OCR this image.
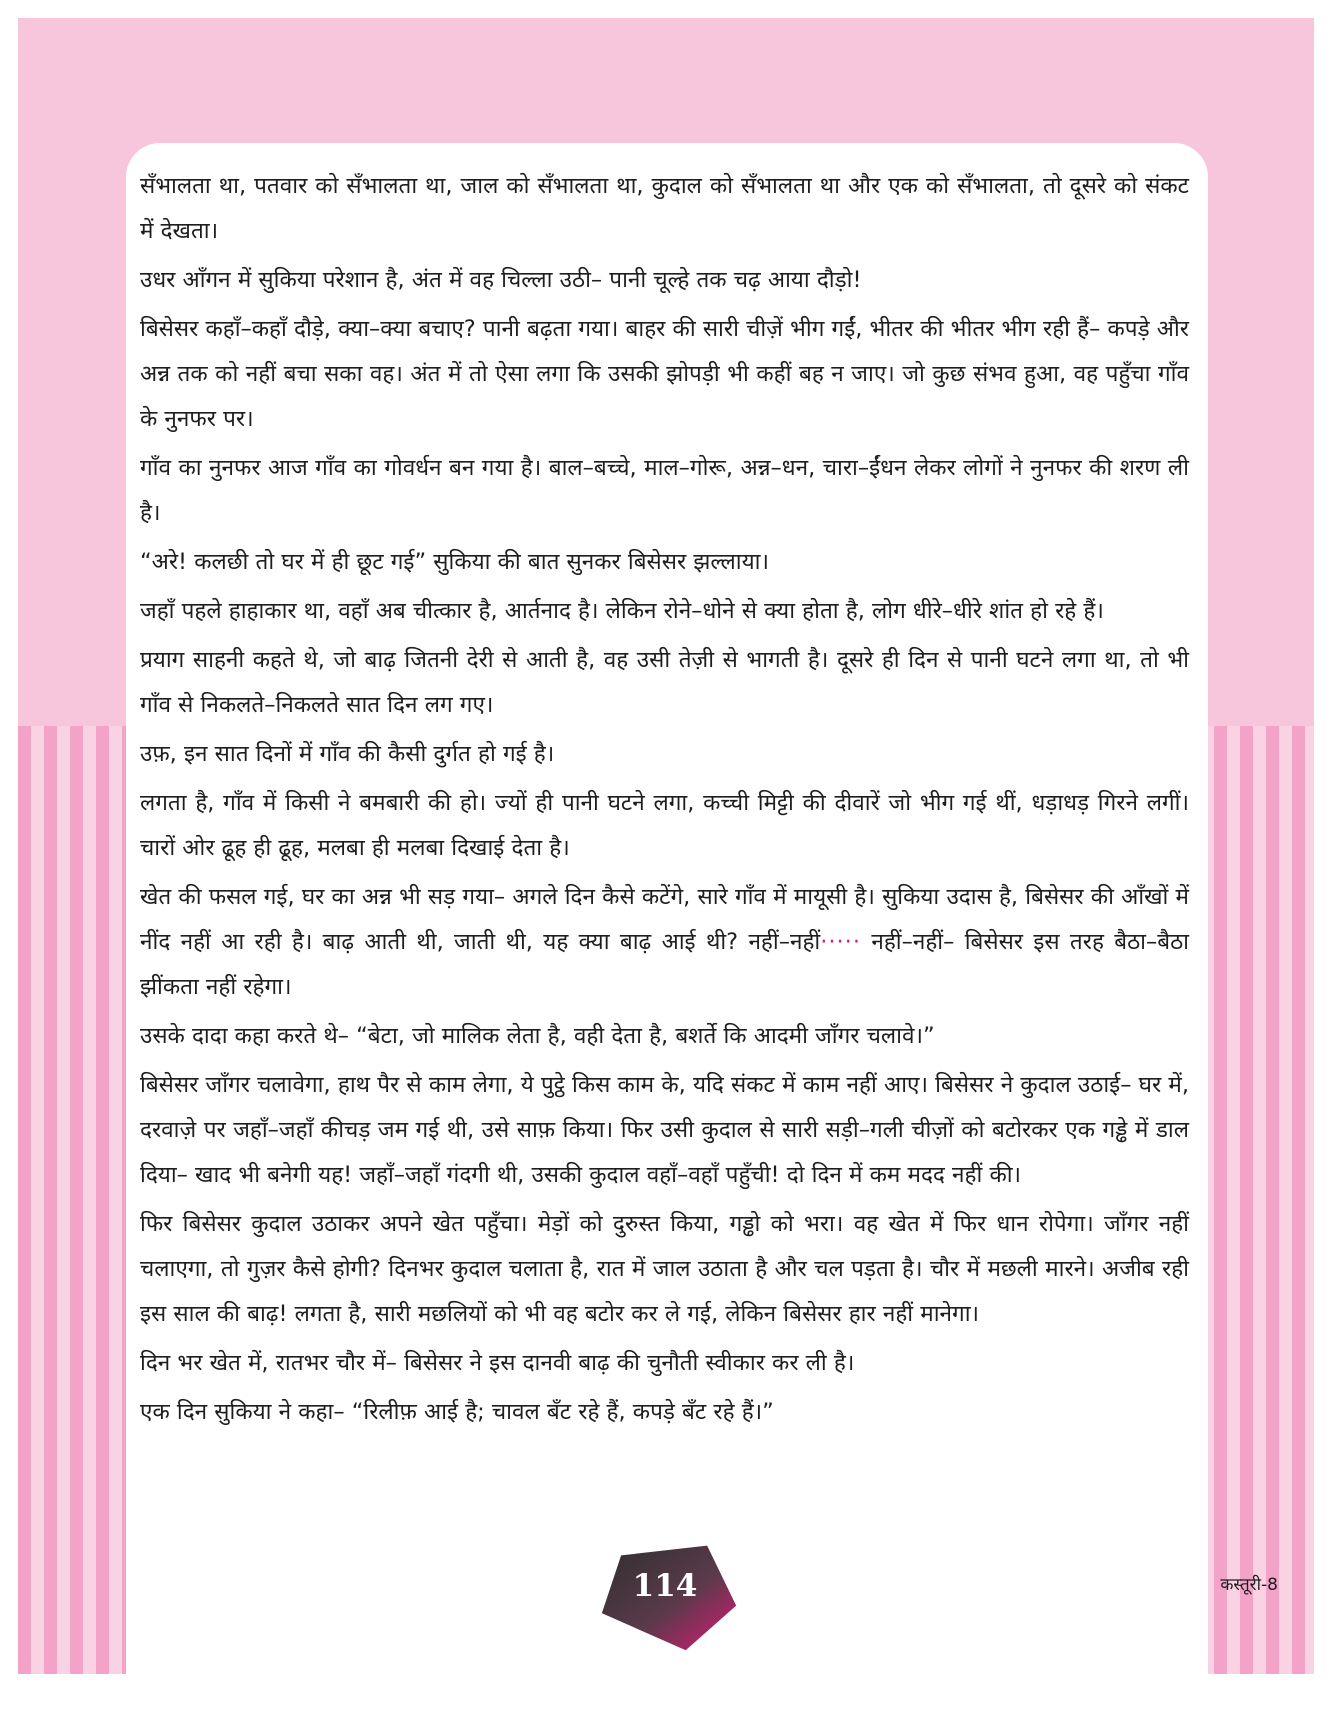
सँभालता था, पतवार को सँभालता था, जाल को सँभालता था, कुदाल को सँभालता था और एक को सँभालता, तो दूसरे को संकट में देखता।

उधर आँगन में सुकिया परेशान है, अंत में वह चिल्ला उठी– पानी चूल्हे तक चढ़ आया दौड़ो!

बिसेसर कहाँ–कहाँ दौड़े, क्या–क्या बचाए? पानी बढ़ता गया। बाहर की सारी चीज़ें भीग गईं, भीतर की भीतर भीग रही हैं– कपड़े और अन्न तक को नहीं बचा सका वह। अंत में तो ऐसा लगा कि उसकी झोपड़ी भी कहीं बह न जाए। जो कुछ संभव हुआ, वह पहुँचा गाँव के नुनफर पर।

गाँव का नुनफर आज गाँव का गोवर्धन बन गया है। बाल–बच्चे, माल–गोरू, अन्न–धन, चारा–ईंधन लेकर लोगों ने नुनफर की शरण ली है।

“अरे! कलछी तो घर में ही छूट गई” सुकिया की बात सुनकर बिसेसर झल्लाया।

जहाँ पहले हाहाकार था, वहाँ अब चीत्कार है, आर्तनाद है। लेकिन रोने–धोने से क्या होता है, लोग धीरे–धीरे शांत हो रहे हैं।

प्रयाग साहनी कहते थे, जो बाढ़ जितनी देरी से आती है, वह उसी तेज़ी से भागती है। दूसरे ही दिन से पानी घटने लगा था, तो भी गाँव से निकलते–निकलते सात दिन लग गए।

उफ़, इन सात दिनों में गाँव की कैसी दुर्गत हो गई है।

लगता है, गाँव में किसी ने बमबारी की हो। ज्यों ही पानी घटने लगा, कच्ची मिट्टी की दीवारें जो भीग गई थीं, धड़ाधड़ गिरने लगीं। चारों ओर ढूह ही ढूह, मलबा ही मलबा दिखाई देता है।

खेत की फसल गई, घर का अन्न भी सड़ गया– अगले दिन कैसे कटेंगे, सारे गाँव में मायूसी है। सुकिया उदास है, बिसेसर की आँखों में नींद नहीं आ रही है। बाढ़ आती थी, जाती थी, यह क्या बाढ़ आई थी? नहीं–नहीं····· नहीं–नहीं– बिसेसर इस तरह बैठा–बैठा झींकता नहीं रहेगा।

उसके दादा कहा करते थे– “बेटा, जो मालिक लेता है, वही देता है, बशर्ते कि आदमी जाँगर चलावे।”

बिसेसर जाँगर चलावेगा, हाथ पैर से काम लेगा, ये पुट्ठे किस काम के, यदि संकट में काम नहीं आए। बिसेसर ने कुदाल उठाई– घर में, दरवाज़े पर जहाँ–जहाँ कीचड़ जम गई थी, उसे साफ़ किया। फिर उसी कुदाल से सारी सड़ी–गली चीज़ों को बटोरकर एक गड्ढे में डाल दिया– खाद भी बनेगी यह! जहाँ–जहाँ गंदगी थी, उसकी कुदाल वहाँ–वहाँ पहुँची! दो दिन में कम मदद नहीं की।

फिर बिसेसर कुदाल उठाकर अपने खेत पहुँचा। मेड़ों को दुरुस्त किया, गड्ढो को भरा। वह खेत में फिर धान रोपेगा। जाँगर नहीं चलाएगा, तो गुज़र कैसे होगी? दिनभर कुदाल चलाता है, रात में जाल उठाता है और चल पड़ता है। चौर में मछली मारने। अजीब रही इस साल की बाढ़! लगता है, सारी मछलियों को भी वह बटोर कर ले गई, लेकिन बिसेसर हार नहीं मानेगा।

दिन भर खेत में, रातभर चौर में– बिसेसर ने इस दानवी बाढ़ की चुनौती स्वीकार कर ली है।

एक दिन सुकिया ने कहा– “रिलीफ़ आई है; चावल बँट रहे हैं, कपड़े बँट रहे हैं।”

कस्तूरी-8
114
